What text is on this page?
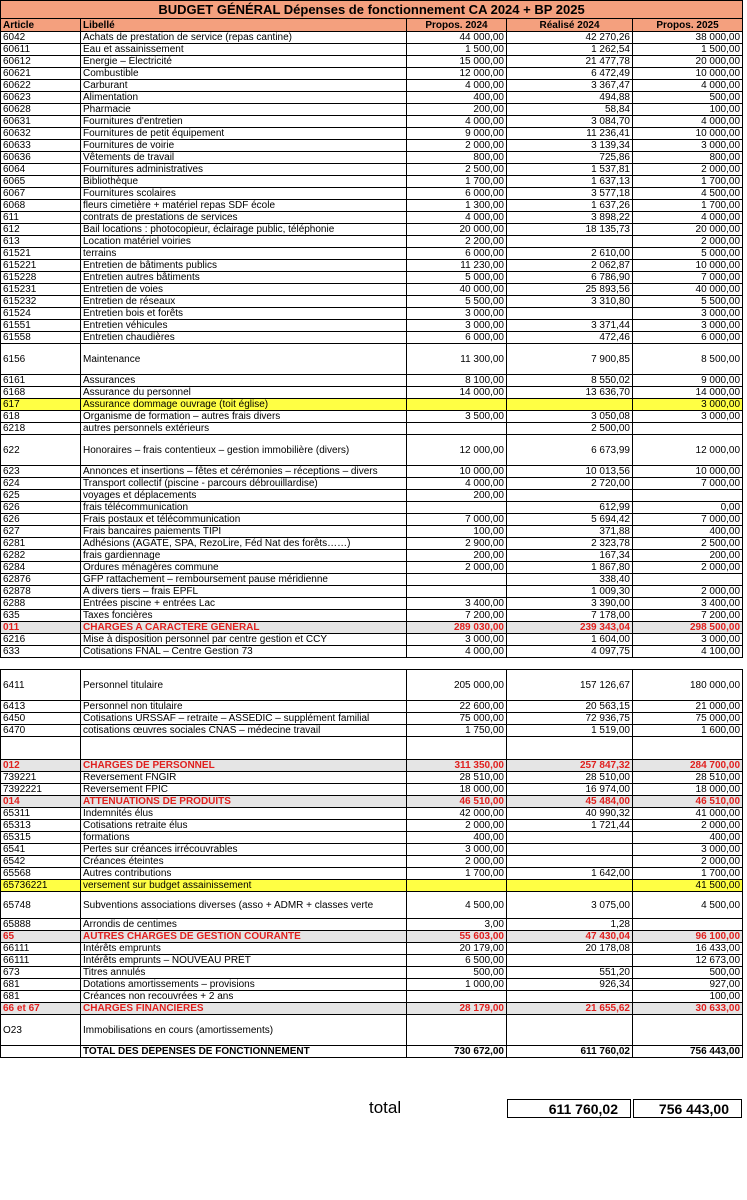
BUDGET GÉNÉRAL Dépenses de fonctionnement CA 2024 + BP 2025				
Article	Libellé	Propos. 2024	Réalisé 2024	Propos. 2025
6042	Achats de prestation de service (repas cantine)	44 000,00	42 270,26	38 000,00
60611	Eau et assainissement	1 500,00	1 262,54	1 500,00
60612	Energie – Électricité	15 000,00	21 477,78	20 000,00
60621	Combustible	12 000,00	6 472,49	10 000,00
60622	Carburant	4 000,00	3 367,47	4 000,00
60623	Alimentation	400,00	494,88	500,00
60628	Pharmacie	200,00	58,84	100,00
60631	Fournitures d'entretien	4 000,00	3 084,70	4 000,00
60632	Fournitures de petit équipement	9 000,00	11 236,41	10 000,00
60633	Fournitures de voirie	2 000,00	3 139,34	3 000,00
60636	Vêtements de travail	800,00	725,86	800,00
6064	Fournitures administratives	2 500,00	1 537,81	2 000,00
6065	Bibliothèque	1 700,00	1 637,13	1 700,00
6067	Fournitures scolaires	6 000,00	3 577,18	4 500,00
6068	fleurs cimetière + matériel repas SDF école	1 300,00	1 637,26	1 700,00
611	contrats de prestations de services	4 000,00	3 898,22	4 000,00
612	Bail locations : photocopieur, éclairage public, téléphonie	20 000,00	18 135,73	20 000,00
613	Location matériel voiries	2 200,00		2 000,00
61521	terrains	6 000,00	2 610,00	5 000,00
615221	Entretien de bâtiments publics	11 230,00	2 062,87	10 000,00
615228	Entretien autres bâtiments	5 000,00	6 786,90	7 000,00
615231	Entretien de voies	40 000,00	25 893,56	40 000,00
615232	Entretien de réseaux	5 500,00	3 310,80	5 500,00
61524	Entretien bois et forêts	3 000,00		3 000,00
61551	Entretien véhicules	3 000,00	3 371,44	3 000,00
61558	Entretien chaudières	6 000,00	472,46	6 000,00
6156	Maintenance	11 300,00	7 900,85	8 500,00
6161	Assurances	8 100,00	8 550,02	9 000,00
6168	Assurance du personnel	14 000,00	13 636,70	14 000,00
617	Assurance dommage ouvrage (toit église)			3 000,00
618	Organisme de formation – autres frais divers	3 500,00	3 050,08	3 000,00
6218	autres personnels extérieurs		2 500,00	
622	Honoraires – frais contentieux – gestion immobilière (divers)	12 000,00	6 673,99	12 000,00
623	Annonces et insertions – fêtes et cérémonies – réceptions – divers	10 000,00	10 013,56	10 000,00
624	Transport collectif (piscine - parcours débrouillardise)	4 000,00	2 720,00	7 000,00
625	voyages et déplacements	200,00		
626	frais télécommunication		612,99	0,00
626	Frais postaux et télécommunication	7 000,00	5 694,42	7 000,00
627	Frais bancaires paiements TIPI	100,00	371,88	400,00
6281	Adhésions (AGATE, SPA, RezoLire, Féd Nat des forêts……)	2 900,00	2 323,78	2 500,00
6282	frais gardiennage	200,00	167,34	200,00
6284	Ordures ménagères commune	2 000,00	1 867,80	2 000,00
62876	GFP rattachement – remboursement pause méridienne		338,40	
62878	A divers tiers – frais EPFL		1 009,30	2 000,00
6288	Entrées piscine + entrées Lac	3 400,00	3 390,00	3 400,00
635	Taxes foncières	7 200,00	7 178,00	7 200,00
011	CHARGES A CARACTÈRE GÉNÉRAL	289 030,00	239 343,04	298 500,00
6216	Mise à disposition personnel par centre gestion et CCY	3 000,00	1 604,00	3 000,00
633	Cotisations FNAL – Centre Gestion 73	4 000,00	4 097,75	4 100,00

6411	Personnel titulaire	205 000,00	157 126,67	180 000,00
6413	Personnel non titulaire	22 600,00	20 563,15	21 000,00
6450	Cotisations URSSAF – retraite – ASSEDIC – supplément familial	75 000,00	72 936,75	75 000,00
6470	cotisations œuvres sociales CNAS – médecine travail	1 750,00	1 519,00	1 600,00

012	CHARGES DE PERSONNEL	311 350,00	257 847,32	284 700,00
739221	Reversement FNGIR	28 510,00	28 510,00	28 510,00
7392221	Reversement FPIC	18 000,00	16 974,00	18 000,00
014	ATTENUATIONS DE PRODUITS	46 510,00	45 484,00	46 510,00
65311	Indemnités élus	42 000,00	40 990,32	41 000,00
65313	Cotisations retraite élus	2 000,00	1 721,44	2 000,00
65315	formations	400,00		400,00
6541	Pertes sur créances irrécouvrables	3 000,00		3 000,00
6542	Créances éteintes	2 000,00		2 000,00
65568	Autres contributions	1 700,00	1 642,00	1 700,00
65736221	versement sur budget assainissement			41 500,00
65748	Subventions associations diverses (asso + ADMR + classes verte	4 500,00	3 075,00	4 500,00
65888	Arrondis de centimes	3,00	1,28	
65	AUTRES CHARGES DE GESTION COURANTE	55 603,00	47 430,04	96 100,00
66111	Intérêts emprunts	20 179,00	20 178,08	16 433,00
66111	Intérêts emprunts – NOUVEAU PRÊT	6 500,00		12 673,00
673	Titres annulés	500,00	551,20	500,00
681	Dotations amortissements – provisions	1 000,00	926,34	927,00
681	Créances non recouvrées + 2 ans			100,00
66 et 67	CHARGES FINANCIÈRES	28 179,00	21 655,62	30 633,00
O23	Immobilisations en cours (amortissements)			
	TOTAL DES DÉPENSES DE FONCTIONNEMENT	730 672,00	611 760,02	756 443,00
total	611 760,02	756 443,00
